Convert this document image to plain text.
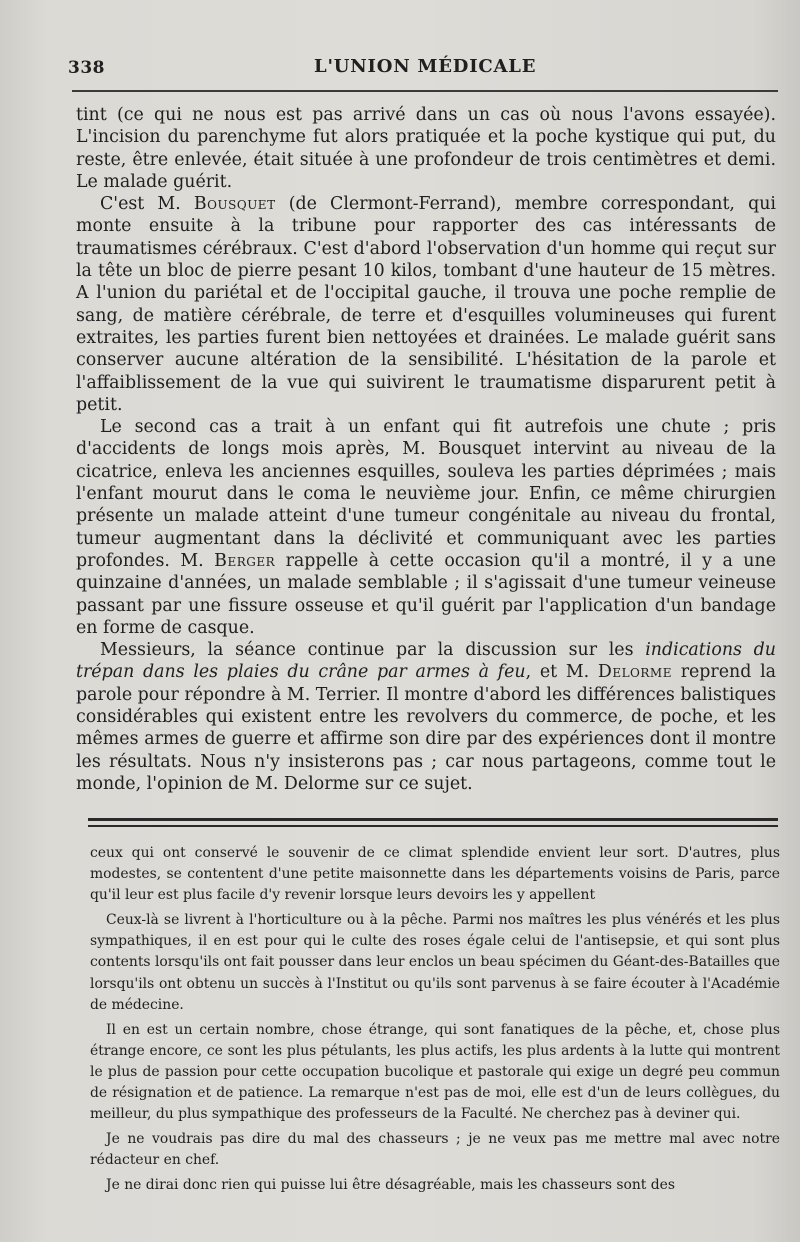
338	L'UNION MÉDICALE

tint (ce qui ne nous est pas arrivé dans un cas où nous l'avons essayée). L'incision du parenchyme fut alors pratiquée et la poche kystique qui put, du reste, être enlevée, était située à une profondeur de trois centimètres et demi. Le malade guérit.

C'est M. Bousquet (de Clermont-Ferrand), membre correspondant, qui monte ensuite à la tribune pour rapporter des cas intéressants de traumatismes cérébraux. C'est d'abord l'observation d'un homme qui reçut sur la tête un bloc de pierre pesant 10 kilos, tombant d'une hauteur de 15 mètres. A l'union du pariétal et de l'occipital gauche, il trouva une poche remplie de sang, de matière cérébrale, de terre et d'esquilles volumineuses qui furent extraites, les parties furent bien nettoyées et drainées. Le malade guérit sans conserver aucune altération de la sensibilité. L'hésitation de la parole et l'affaiblissement de la vue qui suivirent le traumatisme disparurent petit à petit.

Le second cas a trait à un enfant qui fit autrefois une chute ; pris d'accidents de longs mois après, M. Bousquet intervint au niveau de la cicatrice, enleva les anciennes esquilles, souleva les parties déprimées ; mais l'enfant mourut dans le coma le neuvième jour. Enfin, ce même chirurgien présente un malade atteint d'une tumeur congénitale au niveau du frontal, tumeur augmentant dans la déclivité et communiquant avec les parties profondes. M. Berger rappelle à cette occasion qu'il a montré, il y a une quinzaine d'années, un malade semblable ; il s'agissait d'une tumeur veineuse passant par une fissure osseuse et qu'il guérit par l'application d'un bandage en forme de casque.

Messieurs, la séance continue par la discussion sur les indications du trépan dans les plaies du crâne par armes à feu, et M. Delorme reprend la parole pour répondre à M. Terrier. Il montre d'abord les différences balistiques considérables qui existent entre les revolvers du commerce, de poche, et les mêmes armes de guerre et affirme son dire par des expériences dont il montre les résultats. Nous n'y insisterons pas ; car nous partageons, comme tout le monde, l'opinion de M. Delorme sur ce sujet.

ceux qui ont conservé le souvenir de ce climat splendide envient leur sort. D'autres, plus modestes, se contentent d'une petite maisonnette dans les départements voisins de Paris, parce qu'il leur est plus facile d'y revenir lorsque leurs devoirs les y appellent

Ceux-là se livrent à l'horticulture ou à la pêche. Parmi nos maîtres les plus vénérés et les plus sympathiques, il en est pour qui le culte des roses égale celui de l'antisepsie, et qui sont plus contents lorsqu'ils ont fait pousser dans leur enclos un beau spécimen du Géant-des-Batailles que lorsqu'ils ont obtenu un succès à l'Institut ou qu'ils sont parvenus à se faire écouter à l'Académie de médecine.

Il en est un certain nombre, chose étrange, qui sont fanatiques de la pêche, et, chose plus étrange encore, ce sont les plus pétulants, les plus actifs, les plus ardents à la lutte qui montrent le plus de passion pour cette occupation bucolique et pastorale qui exige un degré peu commun de résignation et de patience. La remarque n'est pas de moi, elle est d'un de leurs collègues, du meilleur, du plus sympathique des professeurs de la Faculté. Ne cherchez pas à deviner qui.

Je ne voudrais pas dire du mal des chasseurs ; je ne veux pas me mettre mal avec notre rédacteur en chef.

Je ne dirai donc rien qui puisse lui être désagréable, mais les chasseurs sont des
